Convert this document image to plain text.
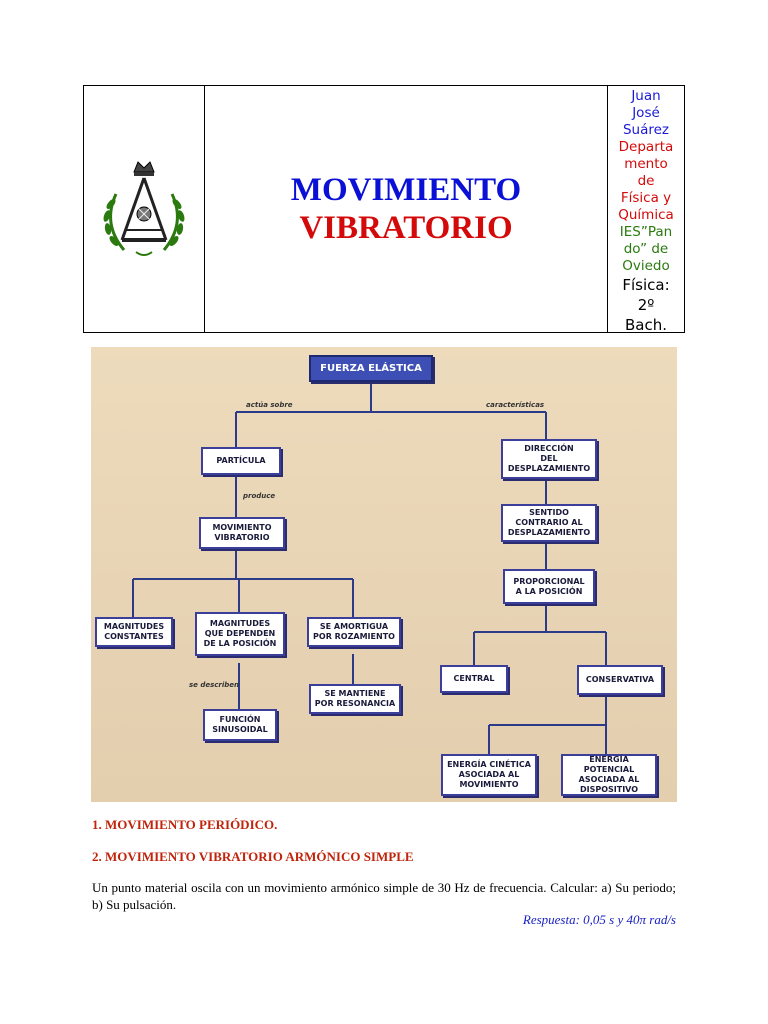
MOVIMIENTO
VIBRATORIO
Juan
José
Suárez
Departa
mento
de
Física y
Química
IES”Pan
do” de
Oviedo
Física:
2º
Bach.
FUERZA ELÁSTICA
actúa sobre	características
produce
se describen
PARTÍCULA
MOVIMIENTO
VIBRATORIO
MAGNITUDES
CONSTANTES
MAGNITUDES
QUE DEPENDEN
DE LA POSICIÓN
SE AMORTIGUA
POR ROZAMIENTO
SE MANTIENE
POR RESONANCIA
FUNCIÓN
SINUSOIDAL
DIRECCIÓN
DEL
DESPLAZAMIENTO
SENTIDO
CONTRARIO AL
DESPLAZAMIENTO
PROPORCIONAL
A LA POSICIÓN
CENTRAL	CONSERVATIVA
ENERGÍA CINÉTICA
ASOCIADA AL
MOVIMIENTO
ENERGÍA POTENCIAL
ASOCIADA AL
DISPOSITIVO
1. MOVIMIENTO PERIÓDICO.
2. MOVIMIENTO VIBRATORIO ARMÓNICO SIMPLE
Un punto material oscila con un movimiento armónico simple de 30 Hz de frecuencia. Calcular: a) Su periodo; b) Su pulsación.
Respuesta: 0,05 s y 40π rad/s
